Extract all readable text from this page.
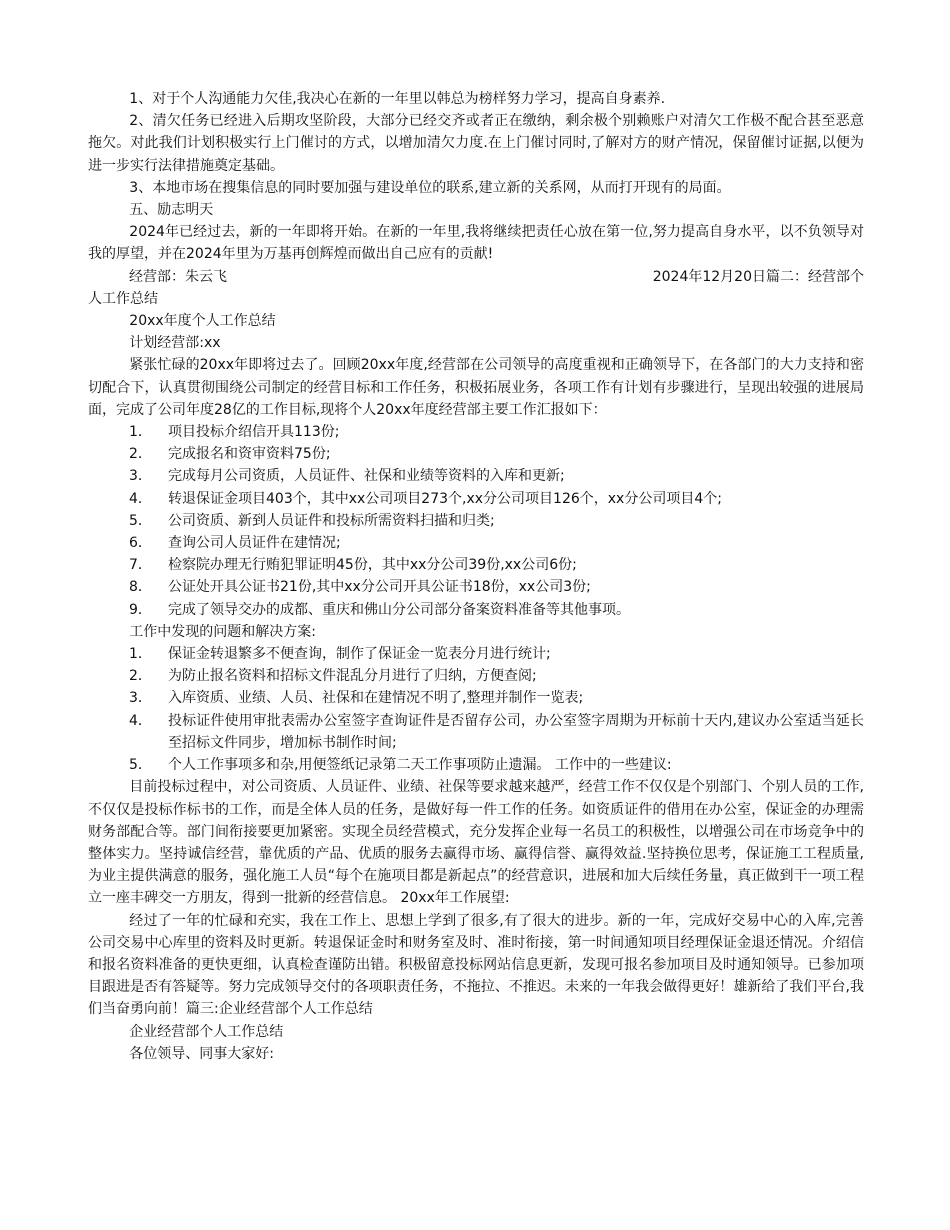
1、对于个人沟通能力欠佳,我决心在新的一年里以韩总为榜样努力学习，提高自身素养.

2、清欠任务已经进入后期攻坚阶段，大部分已经交齐或者正在缴纳，剩余极个别赖账户对清欠工作极不配合甚至恶意拖欠。对此我们计划积极实行上门催讨的方式，以增加清欠力度.在上门催讨同时,了解对方的财产情况，保留催讨证据,以便为进一步实行法律措施奠定基础。

3、本地市场在搜集信息的同时要加强与建设单位的联系,建立新的关系网，从而打开现有的局面。

五、励志明天

2024年已经过去，新的一年即将开始。在新的一年里,我将继续把责任心放在第一位,努力提高自身水平，以不负领导对我的厚望，并在2024年里为万基再创辉煌而做出自己应有的贡献!

经营部：朱云飞	2024年12月20日篇二：经营部个

人工作总结

20xx年度个人工作总结

计划经营部:xx

紧张忙碌的20xx年即将过去了。回顾20xx年度,经营部在公司领导的高度重视和正确领导下，在各部门的大力支持和密切配合下，认真贯彻围绕公司制定的经营目标和工作任务，积极拓展业务，各项工作有计划有步骤进行，呈现出较强的进展局面，完成了公司年度28亿的工作目标,现将个人20xx年度经营部主要工作汇报如下：

1．	项目投标介绍信开具113份;
2．	完成报名和资审资料75份;
3．	完成每月公司资质，人员证件、社保和业绩等资料的入库和更新;
4．	转退保证金项目403个，其中xx公司项目273个,xx分公司项目126个，xx分公司项目4个;
5．	公司资质、新到人员证件和投标所需资料扫描和归类;
6．	查询公司人员证件在建情况;
7．	检察院办理无行贿犯罪证明45份，其中xx分公司39份,xx公司6份;
8．	公证处开具公证书21份,其中xx分公司开具公证书18份，xx公司3份;
9．	完成了领导交办的成都、重庆和佛山分公司部分备案资料准备等其他事项。

工作中发现的问题和解决方案:

1．	保证金转退繁多不便查询，制作了保证金一览表分月进行统计;
2．	为防止报名资料和招标文件混乱分月进行了归纳，方便查阅;
3．	入库资质、业绩、人员、社保和在建情况不明了,整理并制作一览表;
4．	投标证件使用审批表需办公室签字查询证件是否留存公司，办公室签字周期为开标前十天内,建议办公室适当延长至招标文件同步，增加标书制作时间;
5．	个人工作事项多和杂,用便签纸记录第二天工作事项防止遗漏。 工作中的一些建议:

目前投标过程中，对公司资质、人员证件、业绩、社保等要求越来越严，经营工作不仅仅是个别部门、个别人员的工作,不仅仅是投标作标书的工作，而是全体人员的任务，是做好每一件工作的任务。如资质证件的借用在办公室，保证金的办理需财务部配合等。部门间衔接要更加紧密。实现全员经营模式，充分发挥企业每一名员工的积极性，以增强公司在市场竞争中的整体实力。坚持诚信经营，靠优质的产品、优质的服务去赢得市场、赢得信誉、赢得效益.坚持换位思考，保证施工工程质量,为业主提供满意的服务，强化施工人员“每个在施项目都是新起点”的经营意识，进展和加大后续任务量，真正做到干一项工程立一座丰碑交一方朋友，得到一批新的经营信息。 20xx年工作展望:

经过了一年的忙碌和充实，我在工作上、思想上学到了很多,有了很大的进步。新的一年，完成好交易中心的入库,完善公司交易中心库里的资料及时更新。转退保证金时和财务室及时、准时衔接，第一时间通知项目经理保证金退还情况。介绍信和报名资料准备的更快更细，认真检查谨防出错。积极留意投标网站信息更新，发现可报名参加项目及时通知领导。已参加项目跟进是否有答疑等。努力完成领导交付的各项职责任务，不拖拉、不推迟。未来的一年我会做得更好！雄新给了我们平台,我们当奋勇向前！篇三:企业经营部个人工作总结

企业经营部个人工作总结

各位领导、同事大家好:
